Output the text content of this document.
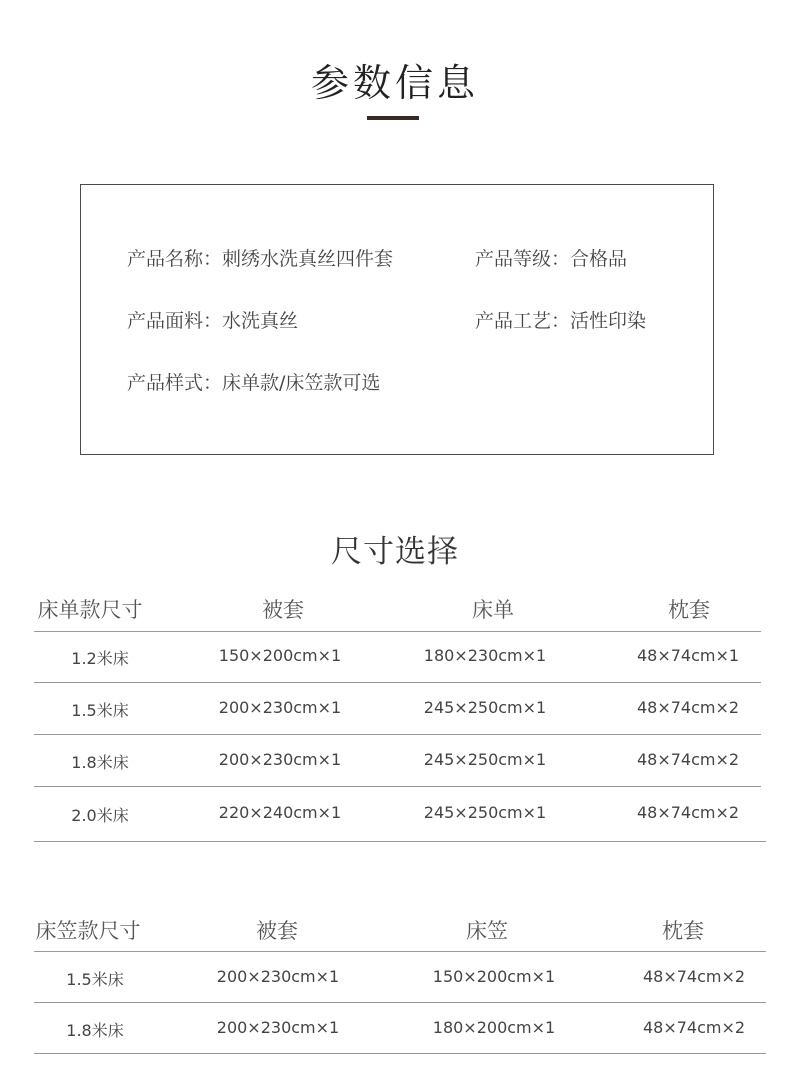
参数信息
产品名称：刺绣水洗真丝四件套	产品等级：合格品
产品面料：水洗真丝	产品工艺：活性印染
产品样式：床单款/床笠款可选
尺寸选择
床单款尺寸	被套	床单	枕套
1.2米床	150×200cm×1	180×230cm×1	48×74cm×1
1.5米床	200×230cm×1	245×250cm×1	48×74cm×2
1.8米床	200×230cm×1	245×250cm×1	48×74cm×2
2.0米床	220×240cm×1	245×250cm×1	48×74cm×2
床笠款尺寸	被套	床笠	枕套
1.5米床	200×230cm×1	150×200cm×1	48×74cm×2
1.8米床	200×230cm×1	180×200cm×1	48×74cm×2
